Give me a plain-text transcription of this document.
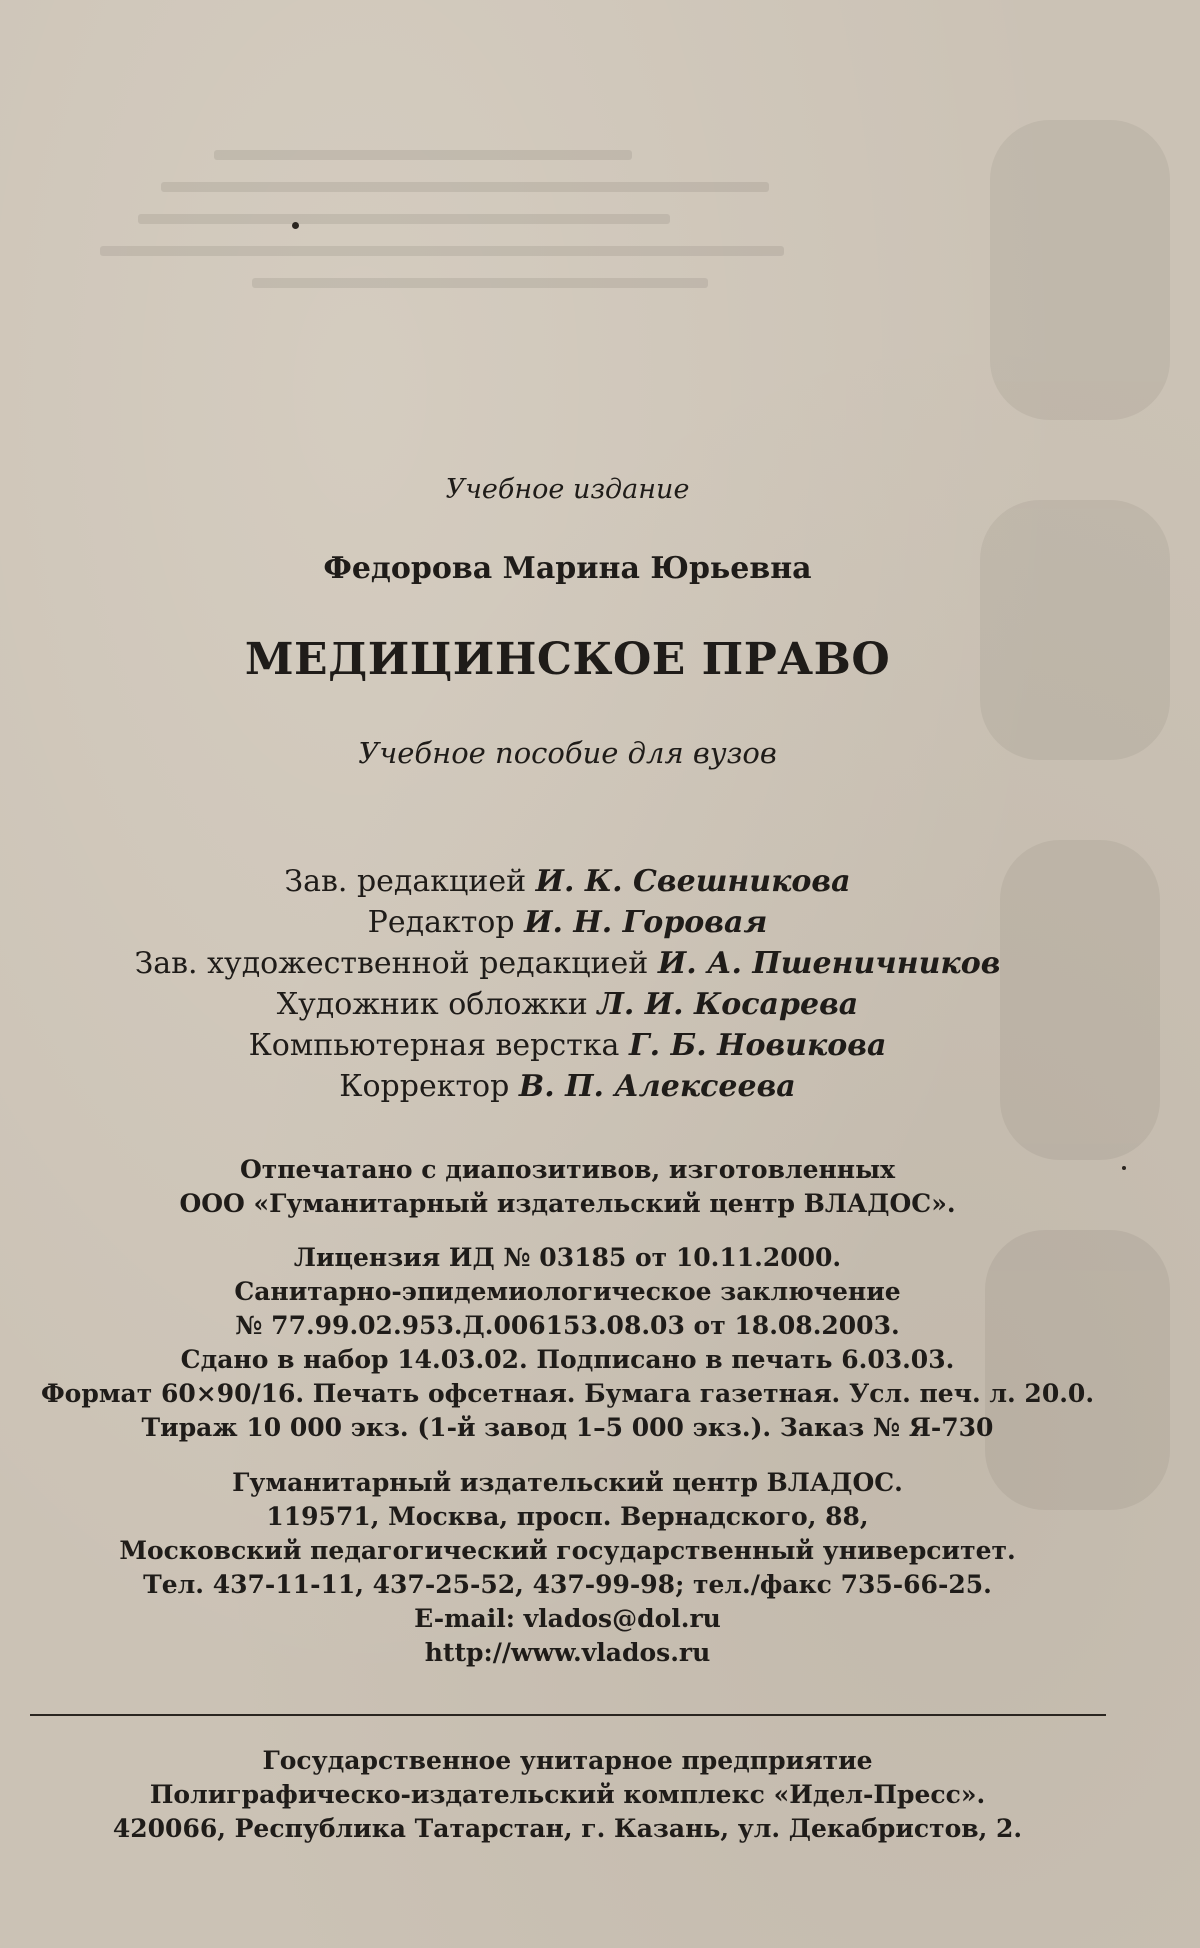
Учебное издание
Федорова Марина Юрьевна
МЕДИЦИНСКОЕ ПРАВО
Учебное пособие для вузов
Зав. редакцией И. К. Свешникова
Редактор И. Н. Горовая
Зав. художественной редакцией И. А. Пшеничников
Художник обложки Л. И. Косарева
Компьютерная верстка Г. Б. Новикова
Корректор В. П. Алексеева
Отпечатано с диапозитивов, изготовленных
ООО «Гуманитарный издательский центр ВЛАДОС».
Лицензия ИД № 03185 от 10.11.2000.
Санитарно-эпидемиологическое заключение
№ 77.99.02.953.Д.006153.08.03 от 18.08.2003.
Сдано в набор 14.03.02. Подписано в печать 6.03.03.
Формат 60×90/16. Печать офсетная. Бумага газетная. Усл. печ. л. 20.0.
Тираж 10 000 экз. (1-й завод 1–5 000 экз.). Заказ № Я-730
Гуманитарный издательский центр ВЛАДОС.
119571, Москва, просп. Вернадского, 88,
Московский педагогический государственный университет.
Тел. 437-11-11, 437-25-52, 437-99-98; тел./факс 735-66-25.
E-mail: vlados@dol.ru
http://www.vlados.ru
Государственное унитарное предприятие
Полиграфическо-издательский комплекс «Идел-Пресс».
420066, Республика Татарстан, г. Казань, ул. Декабристов, 2.
